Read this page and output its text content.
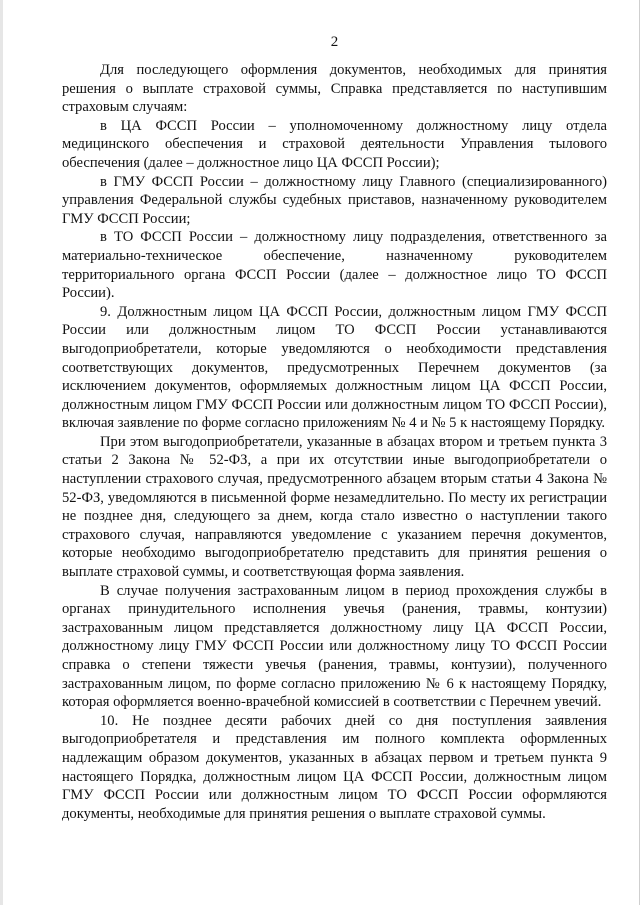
2

Для последующего оформления документов, необходимых для принятия решения о выплате страховой суммы, Справка представляется по наступившим страховым случаям:

в ЦА ФССП России – уполномоченному должностному лицу отдела медицинского обеспечения и страховой деятельности Управления тылового обеспечения (далее – должностное лицо ЦА ФССП России);

в ГМУ ФССП России – должностному лицу Главного (специализированного) управления Федеральной службы судебных приставов, назначенному руководителем ГМУ ФССП России;

в ТО ФССП России – должностному лицу подразделения, ответственного за материально-техническое обеспечение, назначенному руководителем территориального органа ФССП России (далее – должностное лицо ТО ФССП России).

9. Должностным лицом ЦА ФССП России, должностным лицом ГМУ ФССП России или должностным лицом ТО ФССП России устанавливаются выгодоприобретатели, которые уведомляются о необходимости представления соответствующих документов, предусмотренных Перечнем документов (за исключением документов, оформляемых должностным лицом ЦА ФССП России, должностным лицом ГМУ ФССП России или должностным лицом ТО ФССП России), включая заявление по форме согласно приложениям № 4 и № 5 к настоящему Порядку.

При этом выгодоприобретатели, указанные в абзацах втором и третьем пункта 3 статьи 2 Закона № 52-ФЗ, а при их отсутствии иные выгодоприобретатели о наступлении страхового случая, предусмотренного абзацем вторым статьи 4 Закона № 52-ФЗ, уведомляются в письменной форме незамедлительно. По месту их регистрации не позднее дня, следующего за днем, когда стало известно о наступлении такого страхового случая, направляются уведомление с указанием перечня документов, которые необходимо выгодоприобретателю представить для принятия решения о выплате страховой суммы, и соответствующая форма заявления.

В случае получения застрахованным лицом в период прохождения службы в органах принудительного исполнения увечья (ранения, травмы, контузии) застрахованным лицом представляется должностному лицу ЦА ФССП России, должностному лицу ГМУ ФССП России или должностному лицу ТО ФССП России справка о степени тяжести увечья (ранения, травмы, контузии), полученного застрахованным лицом, по форме согласно приложению № 6 к настоящему Порядку, которая оформляется военно-врачебной комиссией в соответствии с Перечнем увечий.

10. Не позднее десяти рабочих дней со дня поступления заявления выгодоприобретателя и представления им полного комплекта оформленных надлежащим образом документов, указанных в абзацах первом и третьем пункта 9 настоящего Порядка, должностным лицом ЦА ФССП России, должностным лицом ГМУ ФССП России или должностным лицом ТО ФССП России оформляются документы, необходимые для принятия решения о выплате страховой суммы.
